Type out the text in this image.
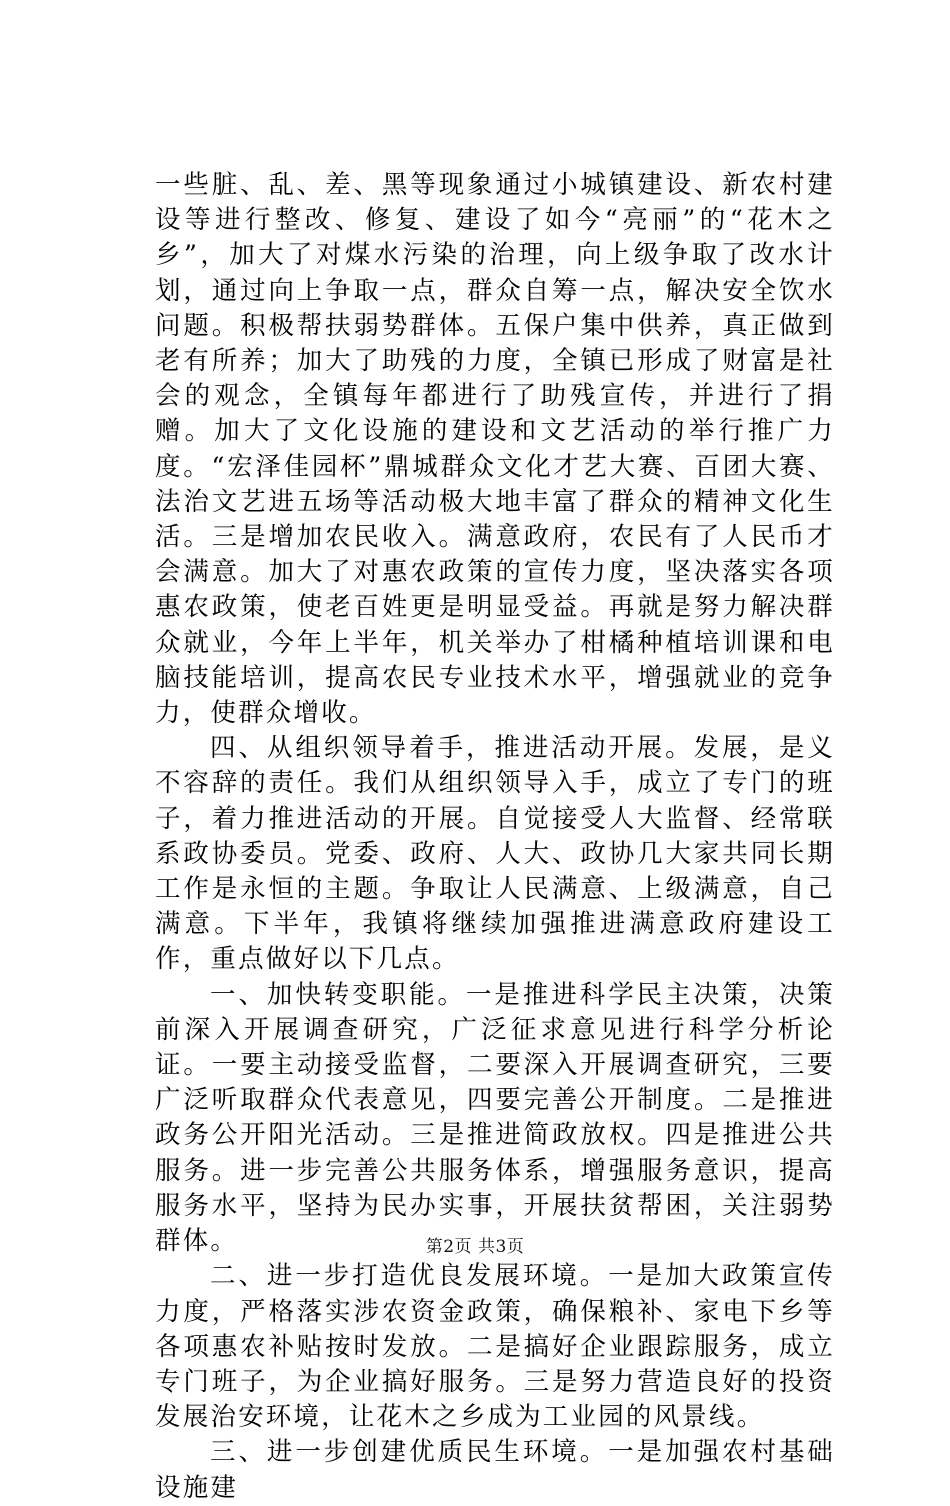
一些脏、乱、差、黑等现象通过小城镇建设、新农村建设等进行整改、修复、建设了如今“亮丽”的“花木之乡”，加大了对煤水污染的治理，向上级争取了改水计划，通过向上争取一点，群众自筹一点，解决安全饮水问题。积极帮扶弱势群体。五保户集中供养，真正做到老有所养；加大了助残的力度，全镇已形成了财富是社会的观念，全镇每年都进行了助残宣传，并进行了捐赠。加大了文化设施的建设和文艺活动的举行推广力度。“宏泽佳园杯”鼎城群众文化才艺大赛、百团大赛、法治文艺进五场等活动极大地丰富了群众的精神文化生活。三是增加农民收入。满意政府，农民有了人民币才会满意。加大了对惠农政策的宣传力度，坚决落实各项惠农政策，使老百姓更是明显受益。再就是努力解决群众就业，今年上半年，机关举办了柑橘种植培训课和电脑技能培训，提高农民专业技术水平，增强就业的竞争力，使群众增收。

四、从组织领导着手，推进活动开展。发展，是义不容辞的责任。我们从组织领导入手，成立了专门的班子，着力推进活动的开展。自觉接受人大监督、经常联系政协委员。党委、政府、人大、政协几大家共同长期工作是永恒的主题。争取让人民满意、上级满意，自己满意。下半年，我镇将继续加强推进满意政府建设工作，重点做好以下几点。

一、加快转变职能。一是推进科学民主决策，决策前深入开展调查研究，广泛征求意见进行科学分析论证。一要主动接受监督，二要深入开展调查研究，三要广泛听取群众代表意见，四要完善公开制度。二是推进政务公开阳光活动。三是推进简政放权。四是推进公共服务。进一步完善公共服务体系，增强服务意识，提高服务水平，坚持为民办实事，开展扶贫帮困，关注弱势群体。

二、进一步打造优良发展环境。一是加大政策宣传力度，严格落实涉农资金政策，确保粮补、家电下乡等各项惠农补贴按时发放。二是搞好企业跟踪服务，成立专门班子，为企业搞好服务。三是努力营造良好的投资发展治安环境，让花木之乡成为工业园的风景线。

三、进一步创建优质民生环境。一是加强农村基础设施建

第2页 共3页
